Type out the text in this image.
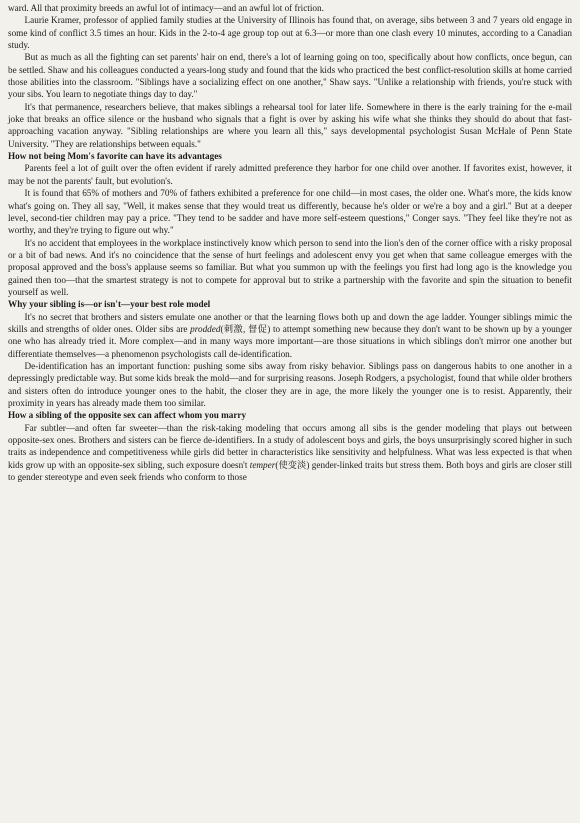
ward. All that proximity breeds an awful lot of intimacy—and an awful lot of friction.

Laurie Kramer, professor of applied family studies at the University of Illinois has found that, on average, sibs between 3 and 7 years old engage in some kind of conflict 3.5 times an hour. Kids in the 2-to-4 age group top out at 6.3—or more than one clash every 10 minutes, according to a Canadian study.

But as much as all the fighting can set parents' hair on end, there's a lot of learning going on too, specifically about how conflicts, once begun, can be settled. Shaw and his colleagues conducted a years-long study and found that the kids who practiced the best conflict-resolution skills at home carried those abilities into the classroom. "Siblings have a socializing effect on one another," Shaw says. "Unlike a relationship with friends, you're stuck with your sibs. You learn to negotiate things day to day."

It's that permanence, researchers believe, that makes siblings a rehearsal tool for later life. Somewhere in there is the early training for the e-mail joke that breaks an office silence or the husband who signals that a fight is over by asking his wife what she thinks they should do about that fast-approaching vacation anyway. "Sibling relationships are where you learn all this," says developmental psychologist Susan McHale of Penn State University. "They are relationships between equals."

How not being Mom's favorite can have its advantages

Parents feel a lot of guilt over the often evident if rarely admitted preference they harbor for one child over another. If favorites exist, however, it may be not the parents' fault, but evolution's.

It is found that 65% of mothers and 70% of fathers exhibited a preference for one child—in most cases, the older one. What's more, the kids know what's going on. They all say, "Well, it makes sense that they would treat us differently, because he's older or we're a boy and a girl." But at a deeper level, second-tier children may pay a price. "They tend to be sadder and have more self-esteem questions," Conger says. "They feel like they're not as worthy, and they're trying to figure out why."

It's no accident that employees in the workplace instinctively know which person to send into the lion's den of the corner office with a risky proposal or a bit of bad news. And it's no coincidence that the sense of hurt feelings and adolescent envy you get when that same colleague emerges with the proposal approved and the boss's applause seems so familiar. But what you summon up with the feelings you first had long ago is the knowledge you gained then too—that the smartest strategy is not to compete for approval but to strike a partnership with the favorite and spin the situation to benefit yourself as well.

Why your sibling is—or isn't—your best role model

It's no secret that brothers and sisters emulate one another or that the learning flows both up and down the age ladder. Younger siblings mimic the skills and strengths of older ones. Older sibs are prodded(刺激, 督促) to attempt something new because they don't want to be shown up by a younger one who has already tried it. More complex—and in many ways more important—are those situations in which siblings don't mirror one another but differentiate themselves—a phenomenon psychologists call de-identification.

De-identification has an important function: pushing some sibs away from risky behavior. Siblings pass on dangerous habits to one another in a depressingly predictable way. But some kids break the mold—and for surprising reasons. Joseph Rodgers, a psychologist, found that while older brothers and sisters often do introduce younger ones to the habit, the closer they are in age, the more likely the younger one is to resist. Apparently, their proximity in years has already made them too similar.

How a sibling of the opposite sex can affect whom you marry

Far subtler—and often far sweeter—than the risk-taking modeling that occurs among all sibs is the gender modeling that plays out between opposite-sex ones. Brothers and sisters can be fierce de-identifiers. In a study of adolescent boys and girls, the boys unsurprisingly scored higher in such traits as independence and competitiveness while girls did better in characteristics like sensitivity and helpfulness. What was less expected is that when kids grow up with an opposite-sex sibling, such exposure doesn't temper(使变淡) gender-linked traits but stress them. Both boys and girls are closer still to gender stereotype and even seek friends who conform to those
